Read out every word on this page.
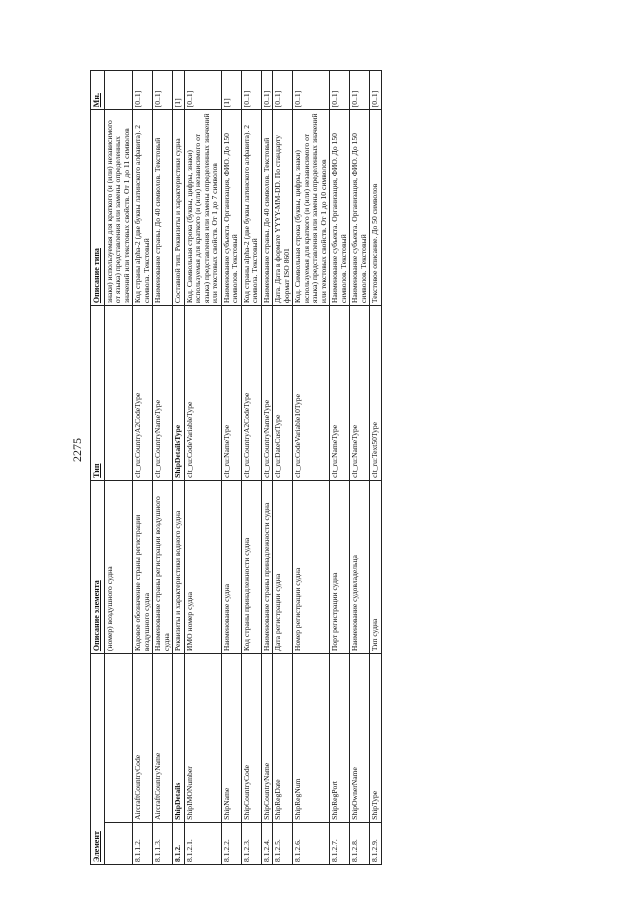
2275
Элемент		Описание элемента	Тип	Описание типа	Мн.
		(номер) воздушного судна		знаки) используемая для краткого (и (или) независимого от языка) представления или замены определенных значений или текстовых свойств. От 1 до 11 символов	
8.1.1.2.	AircraftCountryCode	Кодовое обозначение страны регистрации воздушного судна	clt_ru:CountryA2CodeType	Код страны alpha-2 (две буквы латинского алфавита). 2 символа. Текстовый	[0..1]
8.1.1.3.	AircraftCountryName	Наименование страны регистрации воздушного судна	clt_ru:CountryNameType	Наименование страны. До 40 символов. Текстовый	[0..1]
8.1.2.	ShipDetails	Реквизиты и характеристики водного судна	ShipDetailsType	Составной тип. Реквизиты и характеристики судна	[1]
8.1.2.1.	ShipIMONumber	ИМО номер судна	clt_ru:CodeVariableType	Код. Символьная строка (буквы, цифры, знаки) используемая для краткого (и (или) независимого от языка) представления или замены определенных значений или текстовых свойств. От 1 до 7 символов	[0..1]
8.1.2.2.	ShipName	Наименование судна	clt_ru:NameType	Наименование субъекта. Организация, ФИО. До 150 символов. Текстовый	[1]
8.1.2.3.	ShipCountryCode	Код страны принадлежности судна	clt_ru:CountryA2CodeType	Код страны alpha-2 (две буквы латинского алфавита). 2 символа. Текстовый	[0..1]
8.1.2.4.	ShipCountryName	Наименование страны принадлежности судна	clt_ru:CountryNameType	Наименование страны. До 40 символов. Текстовый	[0..1]
8.1.2.5.	ShipRegDate	Дата регистрации судна	clt_ru:DateCustType	Дата. Дата в формате YYYY-MM-DD. По стандарту формат ISO 8601	[0..1]
8.1.2.6.	ShipRegNum	Номер регистрации судна	clt_ru:CodeVariable10Type	Код. Символьная строка (буквы, цифры, знаки) используемая для краткого (и (или) независимого от языка) представления или замены определенных значений или текстовых свойств. От 1 до 10 символов	[0..1]
8.1.2.7.	ShipRegPort	Порт регистрации судна	clt_ru:NameType	Наименование субъекта. Организация, ФИО. До 150 символов. Текстовый	[0..1]
8.1.2.8.	ShipOwnerName	Наименование судовладельца	clt_ru:NameType	Наименование субъекта. Организация, ФИО. До 150 символов. Текстовый	[0..1]
8.1.2.9.	ShipType	Тип судна	clt_ru:Text50Type	Текстовое описание. До 50 символов	[0..1]
